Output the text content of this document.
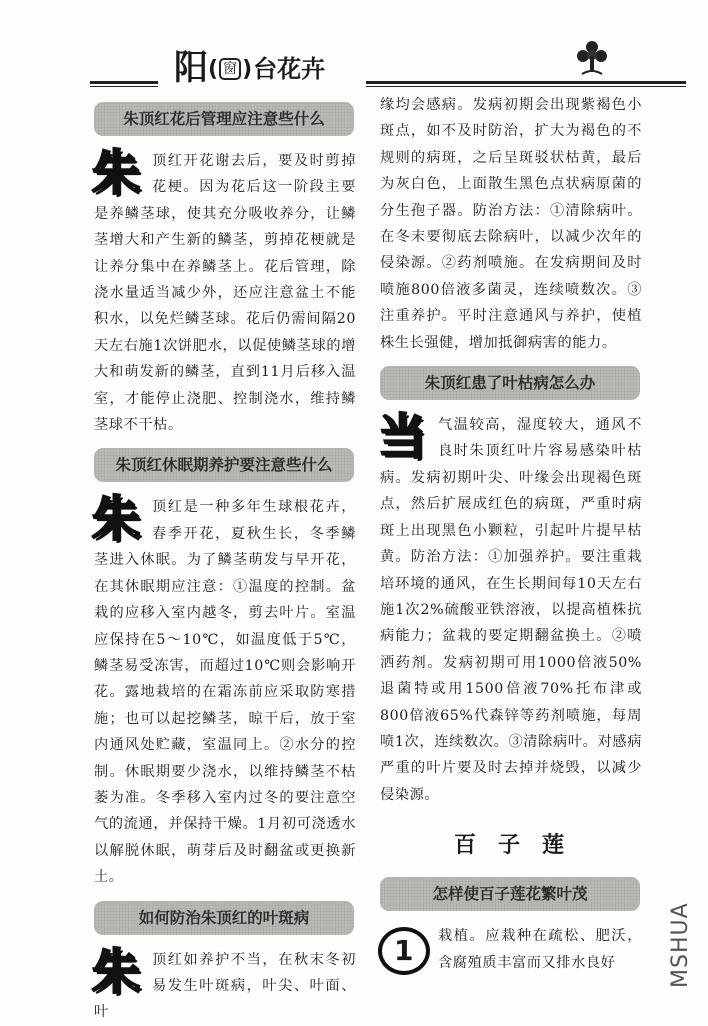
阳 ( 窗 ) 台花卉
朱顶红花后管理应注意些什么

朱顶红开花谢去后，要及时剪掉花梗。因为花后这一阶段主要是养鳞茎球，使其充分吸收养分，让鳞茎增大和产生新的鳞茎，剪掉花梗就是让养分集中在养鳞茎上。花后管理，除浇水量适当减少外，还应注意盆土不能积水，以免烂鳞茎球。花后仍需间隔20天左右施1次饼肥水，以促使鳞茎球的增大和萌发新的鳞茎，直到11月后移入温室，才能停止浇肥、控制浇水，维持鳞茎球不干枯。

朱顶红休眠期养护要注意些什么

朱顶红是一种多年生球根花卉，春季开花，夏秋生长，冬季鳞茎进入休眠。为了鳞茎萌发与早开花，在其休眠期应注意：①温度的控制。盆栽的应移入室内越冬，剪去叶片。室温应保持在5～10℃，如温度低于5℃，鳞茎易受冻害，而超过10℃则会影响开花。露地栽培的在霜冻前应采取防寒措施；也可以起挖鳞茎，晾干后，放于室内通风处贮藏，室温同上。②水分的控制。休眠期要少浇水，以维持鳞茎不枯萎为准。冬季移入室内过冬的要注意空气的流通，并保持干燥。1月初可浇透水以解脱休眠，萌芽后及时翻盆或更换新土。

如何防治朱顶红的叶斑病

朱顶红如养护不当，在秋末冬初易发生叶斑病，叶尖、叶面、叶

缘均会感病。发病初期会出现紫褐色小斑点，如不及时防治，扩大为褐色的不规则的病斑，之后呈斑驳状枯黄，最后为灰白色，上面散生黑色点状病原菌的分生孢子器。防治方法：①清除病叶。在冬末要彻底去除病叶，以减少次年的侵染源。②药剂喷施。在发病期间及时喷施800倍液多菌灵，连续喷数次。③注重养护。平时注意通风与养护，使植株生长强健，增加抵御病害的能力。

朱顶红患了叶枯病怎么办

当气温较高，湿度较大，通风不良时朱顶红叶片容易感染叶枯病。发病初期叶尖、叶缘会出现褐色斑点，然后扩展成红色的病斑，严重时病斑上出现黑色小颗粒，引起叶片提早枯黄。防治方法：①加强养护。要注重栽培环境的通风，在生长期间每10天左右施1次2%硫酸亚铁溶液，以提高植株抗病能力；盆栽的要定期翻盆换土。②喷洒药剂。发病初期可用1000倍液50%退菌特或用1500倍液70%托布津或800倍液65%代森锌等药剂喷施，每周喷1次，连续数次。③清除病叶。对感病严重的叶片要及时去掉并烧毁，以减少侵染源。

百子莲
怎样使百子莲花繁叶茂

1	栽植。应栽种在疏松、肥沃，含腐殖质丰富而又排水良好	MSHUA
